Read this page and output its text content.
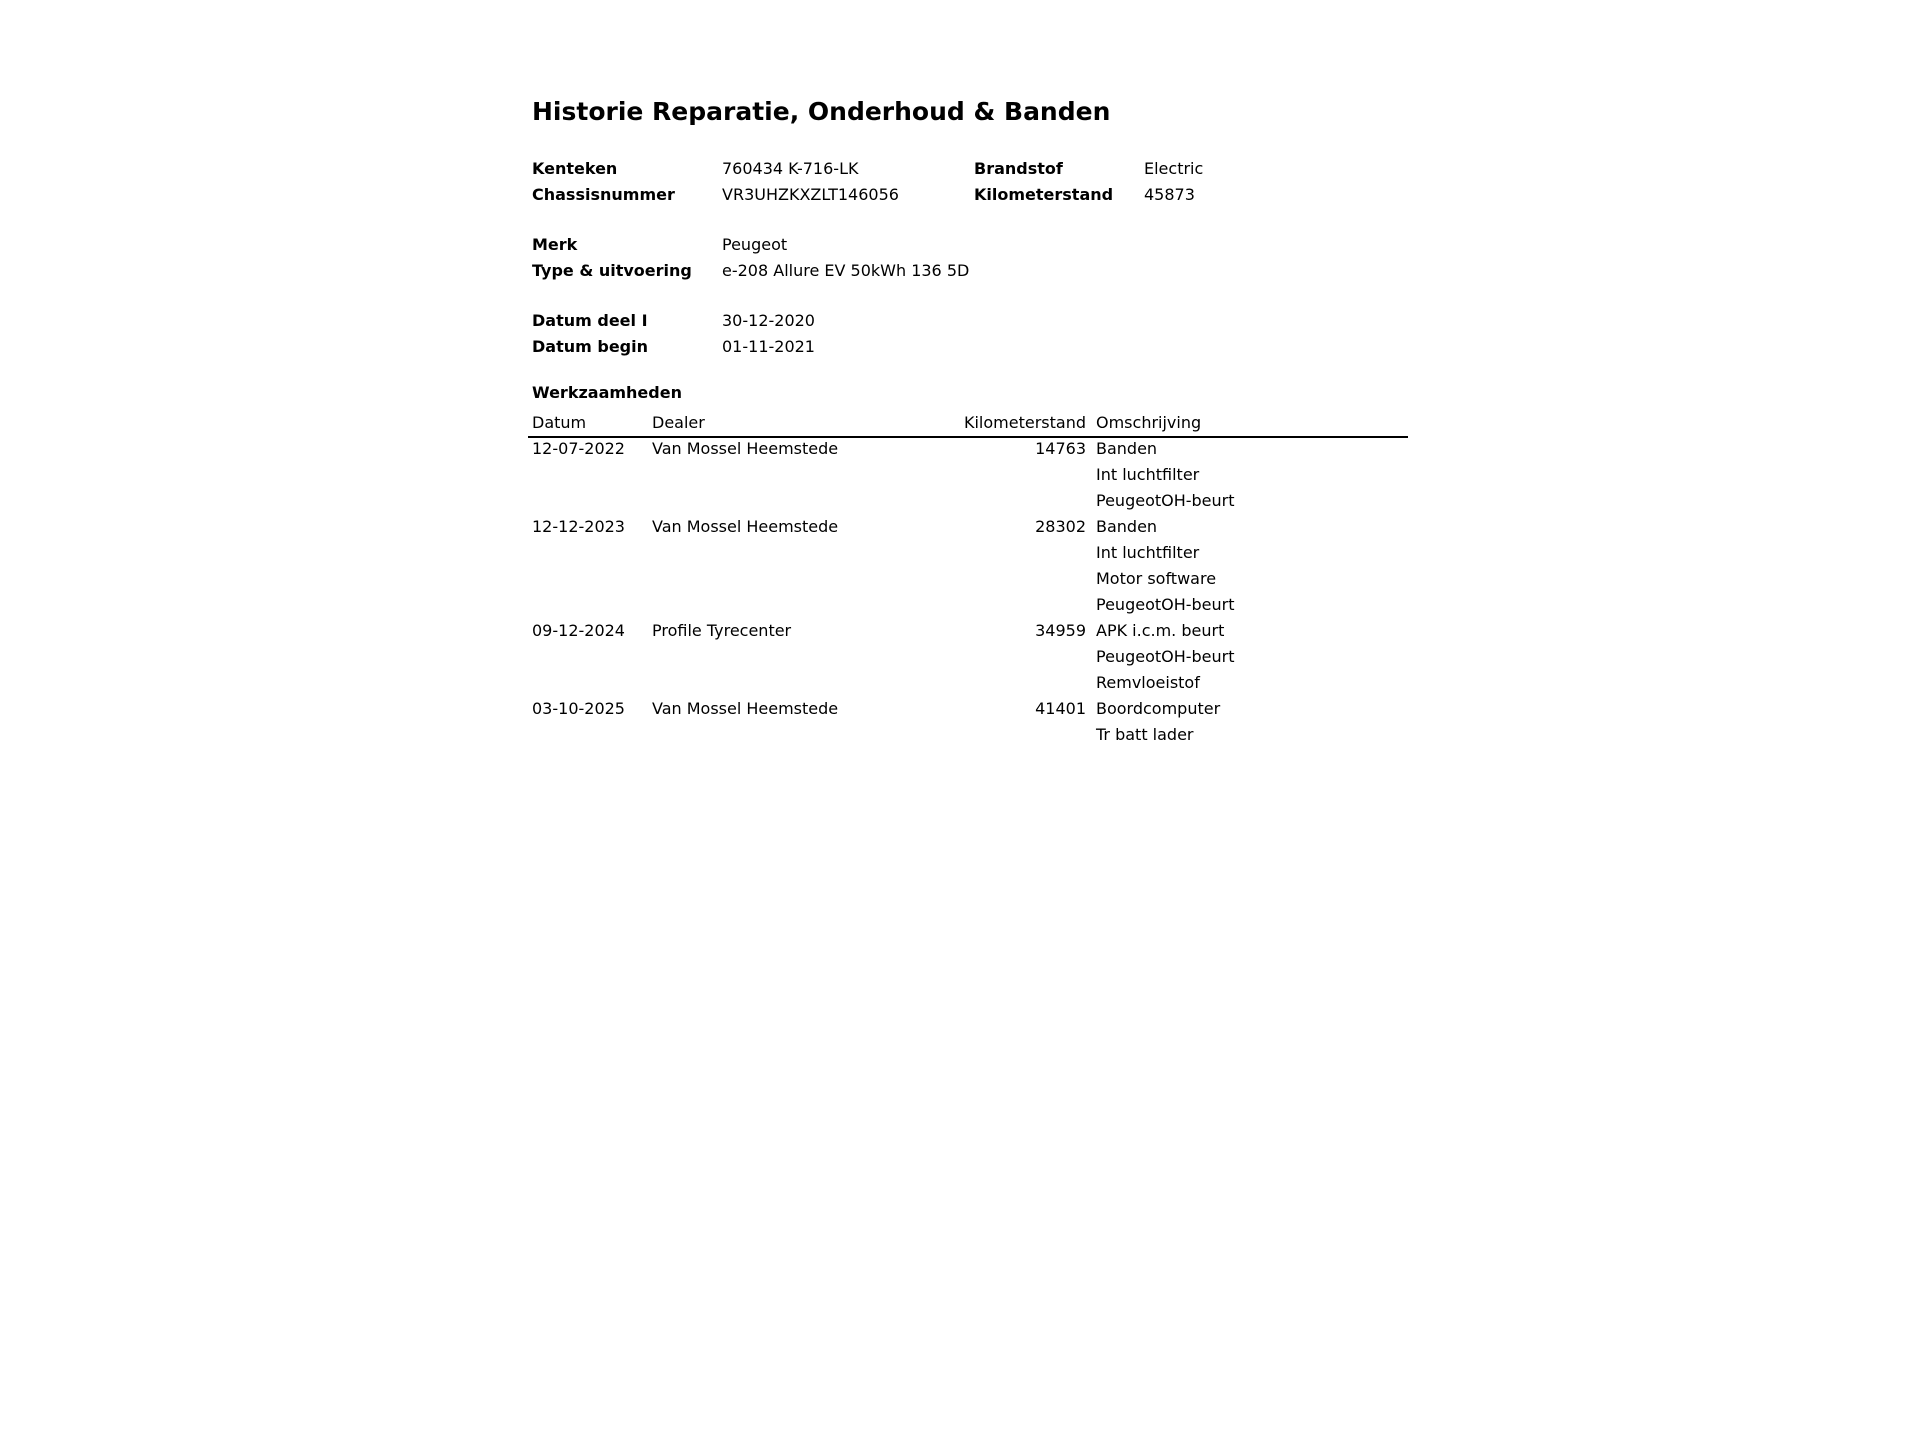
Historie Reparatie, Onderhoud & Banden
Kenteken	760434 K-716-LK
Chassisnummer	VR3UHZKXZLT146056
Brandstof	Electric
Kilometerstand 45873
Merk	Peugeot
Type & uitvoering e-208 Allure EV 50kWh 136 5D
Datum deel I	30-12-2020
Datum begin	01-11-2021
Werkzaamheden
Datum	Dealer	Kilometerstand Omschrijving
12-07-2022 Van Mossel Heemstede	14763 Banden
Int luchtfilter
PeugeotOH-beurt
12-12-2023 Van Mossel Heemstede	28302 Banden
Int luchtfilter
Motor software
PeugeotOH-beurt
09-12-2024 Profile Tyrecenter	34959 APK i.c.m. beurt
PeugeotOH-beurt
Remvloeistof
03-10-2025 Van Mossel Heemstede	41401 Boordcomputer
Tr batt lader
